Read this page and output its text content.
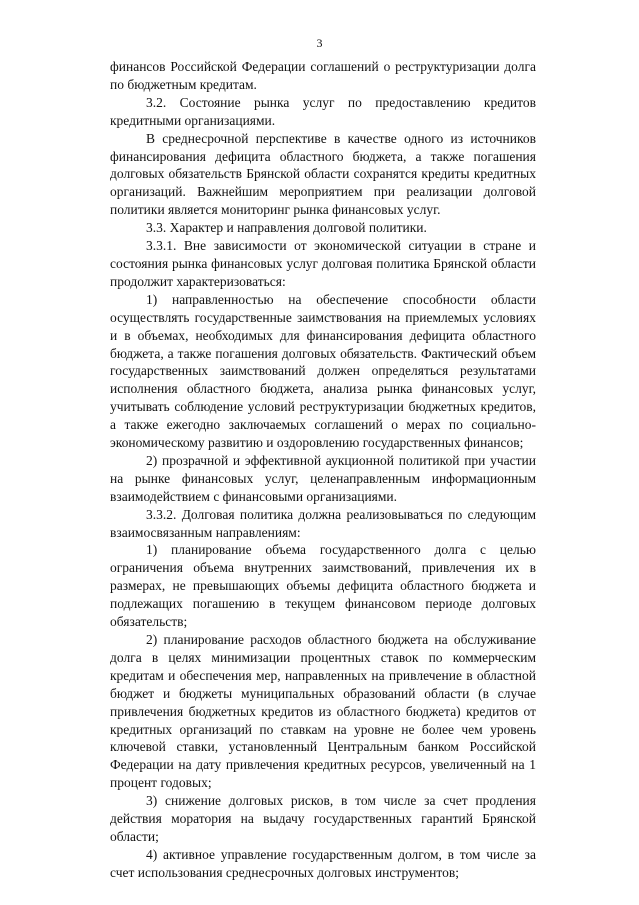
3

финансов Российской Федерации соглашений о реструктуризации долга по бюджетным кредитам.

3.2. Состояние рынка услуг по предоставлению кредитов кредитными организациями.

В среднесрочной перспективе в качестве одного из источников финансирования дефицита областного бюджета, а также погашения долговых обязательств Брянской области сохранятся кредиты кредитных организаций. Важнейшим мероприятием при реализации долговой политики является мониторинг рынка финансовых услуг.

3.3. Характер и направления долговой политики.

3.3.1. Вне зависимости от экономической ситуации в стране и состояния рынка финансовых услуг долговая политика Брянской области продолжит характеризоваться:

1) направленностью на обеспечение способности области осуществлять государственные заимствования на приемлемых условиях и в объемах, необходимых для финансирования дефицита областного бюджета, а также погашения долговых обязательств. Фактический объем государственных заимствований должен определяться результатами исполнения областного бюджета, анализа рынка финансовых услуг, учитывать соблюдение условий реструктуризации бюджетных кредитов, а также ежегодно заключаемых соглашений о мерах по социально-экономическому развитию и оздоровлению государственных финансов;

2) прозрачной и эффективной аукционной политикой при участии на рынке финансовых услуг, целенаправленным информационным взаимодействием с финансовыми организациями.

3.3.2. Долговая политика должна реализовываться по следующим взаимосвязанным направлениям:

1) планирование объема государственного долга с целью ограничения объема внутренних заимствований, привлечения их в размерах, не превышающих объемы дефицита областного бюджета и подлежащих погашению в текущем финансовом периоде долговых обязательств;

2) планирование расходов областного бюджета на обслуживание долга в целях минимизации процентных ставок по коммерческим кредитам и обеспечения мер, направленных на привлечение в областной бюджет и бюджеты муниципальных образований области (в случае привлечения бюджетных кредитов из областного бюджета) кредитов от кредитных организаций по ставкам на уровне не более чем уровень ключевой ставки, установленный Центральным банком Российской Федерации на дату привлечения кредитных ресурсов, увеличенный на 1 процент годовых;

3) снижение долговых рисков, в том числе за счет продления действия моратория на выдачу государственных гарантий Брянской области;

4) активное управление государственным долгом, в том числе за счет использования среднесрочных долговых инструментов;
